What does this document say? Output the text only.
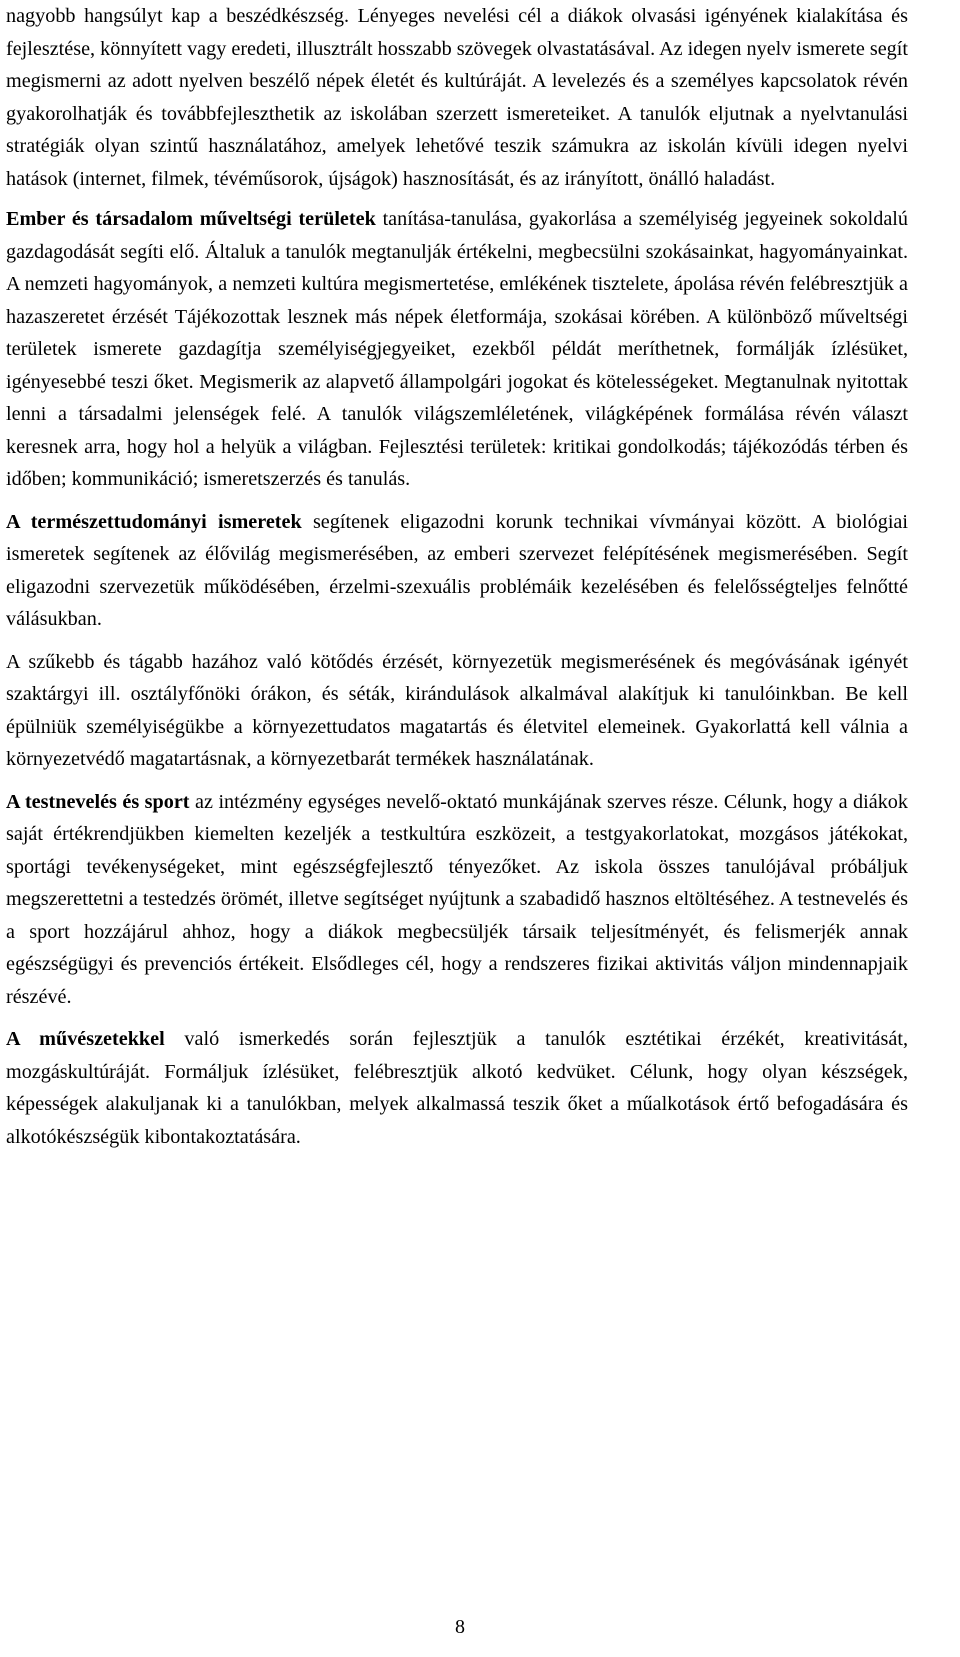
nagyobb hangsúlyt kap a beszédkészség. Lényeges nevelési cél a diákok olvasási igényének kialakítása és fejlesztése, könnyített vagy eredeti, illusztrált hosszabb szövegek olvastatásával. Az idegen nyelv ismerete segít megismerni az adott nyelven beszélő népek életét és kultúráját. A levelezés és a személyes kapcsolatok révén gyakorolhatják és továbbfejleszthetik az iskolában szerzett ismereteiket. A tanulók eljutnak a nyelvtanulási stratégiák olyan szintű használatához, amelyek lehetővé teszik számukra az iskolán kívüli idegen nyelvi hatások (internet, filmek, tévéműsorok, újságok) hasznosítását, és az irányított, önálló haladást.

Ember és társadalom műveltségi területek tanítása-tanulása, gyakorlása a személyiség jegyeinek sokoldalú gazdagodását segíti elő. Általuk a tanulók megtanulják értékelni, megbecsülni szokásainkat, hagyományainkat. A nemzeti hagyományok, a nemzeti kultúra megismertetése, emlékének tisztelete, ápolása révén felébresztjük a hazaszeretet érzését Tájékozottak lesznek más népek életformája, szokásai körében. A különböző műveltségi területek ismerete gazdagítja személyiségjegyeiket, ezekből példát meríthetnek, formálják ízlésüket, igényesebbé teszi őket. Megismerik az alapvető állampolgári jogokat és kötelességeket. Megtanulnak nyitottak lenni a társadalmi jelenségek felé. A tanulók világszemléletének, világképének formálása révén választ keresnek arra, hogy hol a helyük a világban. Fejlesztési területek: kritikai gondolkodás; tájékozódás térben és időben; kommunikáció; ismeretszerzés és tanulás.

A természettudományi ismeretek segítenek eligazodni korunk technikai vívmányai között. A biológiai ismeretek segítenek az élővilág megismerésében, az emberi szervezet felépítésének megismerésében. Segít eligazodni szervezetük működésében, érzelmi-szexuális problémáik kezelésében és felelősségteljes felnőtté válásukban.

A szűkebb és tágabb hazához való kötődés érzését, környezetük megismerésének és megóvásának igényét szaktárgyi ill. osztályfőnöki órákon, és séták, kirándulások alkalmával alakítjuk ki tanulóinkban. Be kell épülniük személyiségükbe a környezettudatos magatartás és életvitel elemeinek. Gyakorlattá kell válnia a környezetvédő magatartásnak, a környezetbarát termékek használatának.

A testnevelés és sport az intézmény egységes nevelő-oktató munkájának szerves része. Célunk, hogy a diákok saját értékrendjükben kiemelten kezeljék a testkultúra eszközeit, a testgyakorlatokat, mozgásos játékokat, sportági tevékenységeket, mint egészségfejlesztő tényezőket. Az iskola összes tanulójával próbáljuk megszerettetni a testedzés örömét, illetve segítséget nyújtunk a szabadidő hasznos eltöltéséhez. A testnevelés és a sport hozzájárul ahhoz, hogy a diákok megbecsüljék társaik teljesítményét, és felismerjék annak egészségügyi és prevenciós értékeit. Elsődleges cél, hogy a rendszeres fizikai aktivitás váljon mindennapjaik részévé.

A művészetekkel való ismerkedés során fejlesztjük a tanulók esztétikai érzékét, kreativitását, mozgáskultúráját. Formáljuk ízlésüket, felébresztjük alkotó kedvüket. Célunk, hogy olyan készségek, képességek alakuljanak ki a tanulókban, melyek alkalmassá teszik őket a műalkotások értő befogadására és alkotókészségük kibontakoztatására.

8
